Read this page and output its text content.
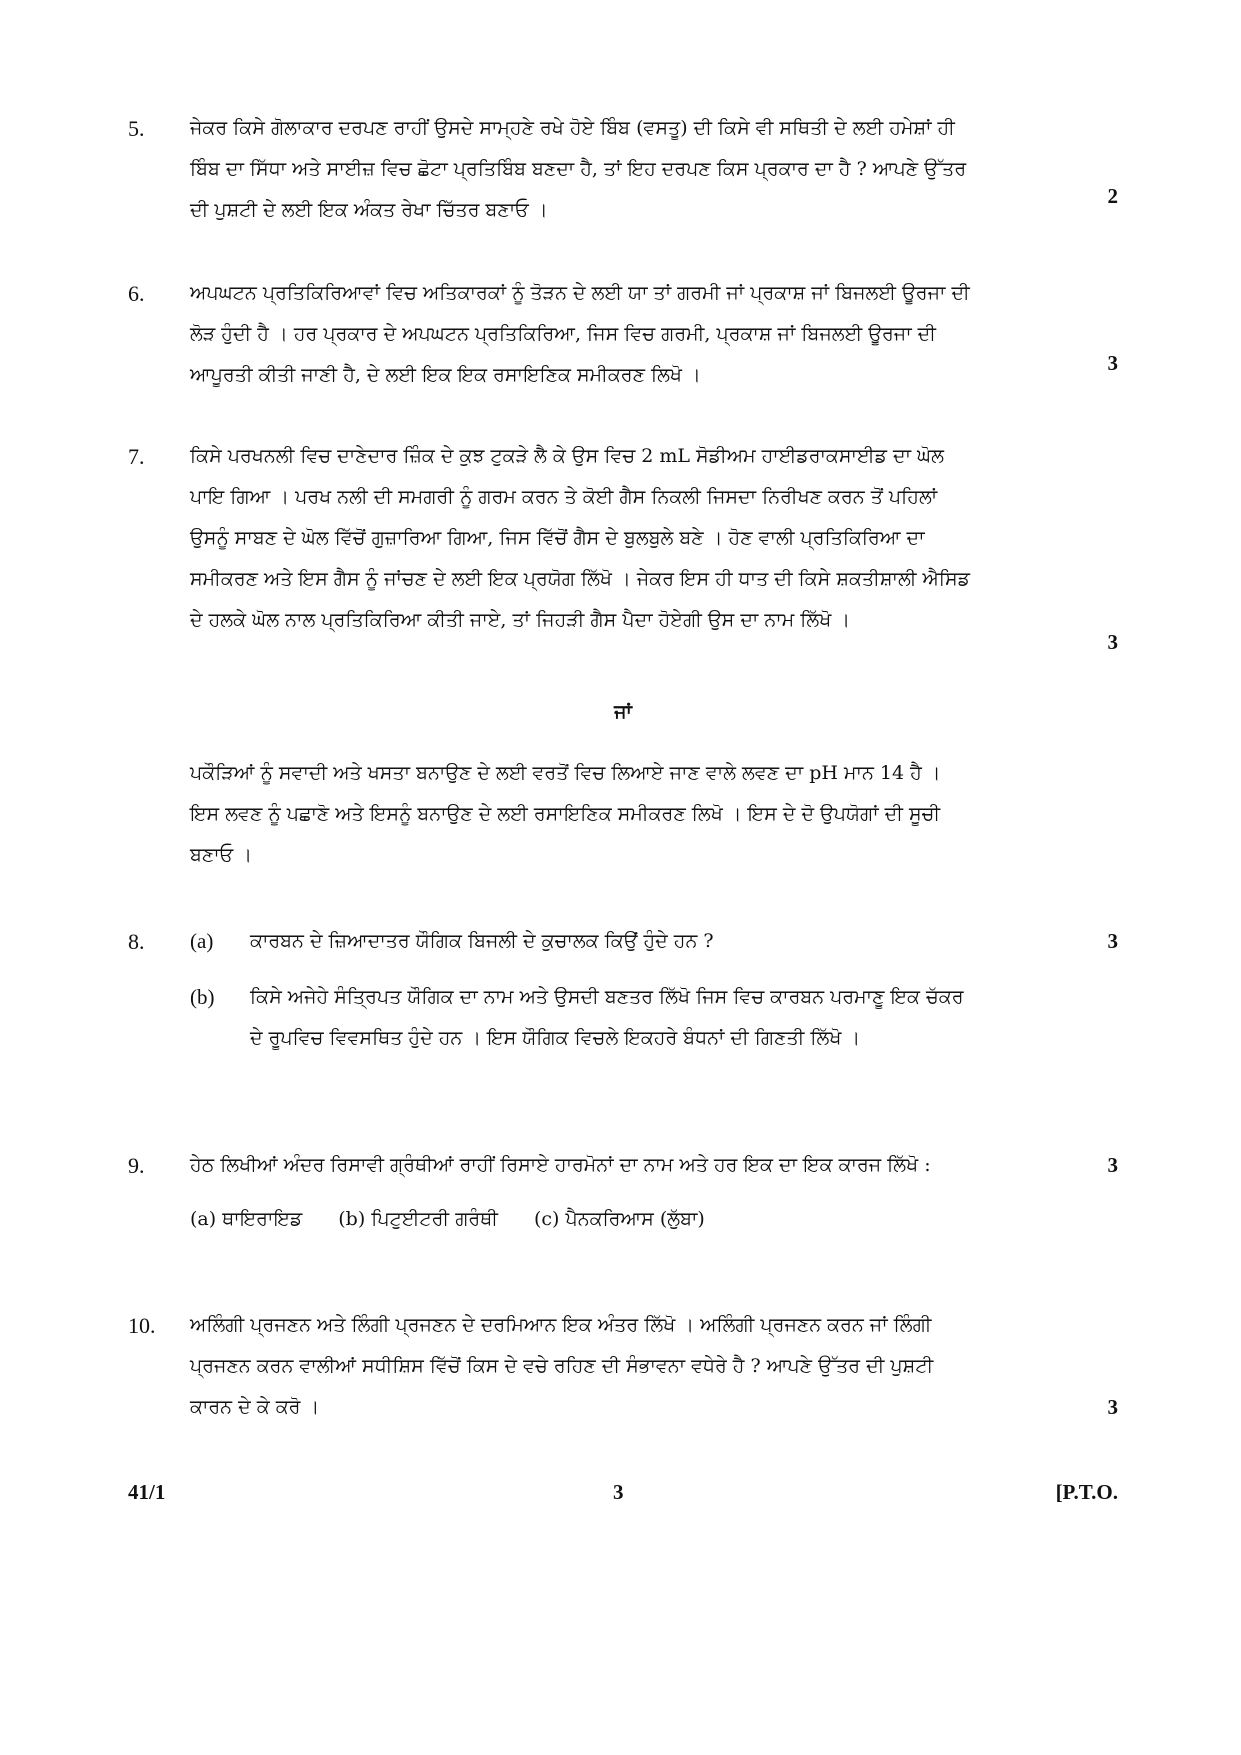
5. ਜੇਕਰ ਕਿਸੇ ਗੋਲਾਕਾਰ ਦਰਪਣ ਰਾਹੀਂ ਉਸਦੇ ਸਾਮ੍ਹਣੇ ਰਖੇ ਹੋਏ ਬਿੰਬ (ਵਸਤੂ) ਦੀ ਕਿਸੇ ਵੀ ਸਥਿਤੀ ਦੇ ਲਈ ਹਮੇਸ਼ਾਂ ਹੀ
ਬਿੰਬ ਦਾ ਸਿੱਧਾ ਅਤੇ ਸਾਈਜ਼ ਵਿਚ ਛੋਟਾ ਪ੍ਰਤਿਬਿੰਬ ਬਣਦਾ ਹੈ, ਤਾਂ ਇਹ ਦਰਪਣ ਕਿਸ ਪ੍ਰਕਾਰ ਦਾ ਹੈ ? ਆਪਣੇ ਉੱਤਰ
ਦੀ ਪੁਸ਼ਟੀ ਦੇ ਲਈ ਇਕ ਅੰਕਤ ਰੇਖਾ ਚਿੱਤਰ ਬਣਾਓ ।
2
6. ਅਪਘਟਨ ਪ੍ਰਤਿਕਿਰਿਆਵਾਂ ਵਿਚ ਅਤਿਕਾਰਕਾਂ ਨੂੰ ਤੋੜਨ ਦੇ ਲਈ ਯਾ ਤਾਂ ਗਰਮੀ ਜਾਂ ਪ੍ਰਕਾਸ਼ ਜਾਂ ਬਿਜਲਈ ਊਰਜਾ ਦੀ
ਲੋੜ ਹੁੰਦੀ ਹੈ । ਹਰ ਪ੍ਰਕਾਰ ਦੇ ਅਪਘਟਨ ਪ੍ਰਤਿਕਿਰਿਆ, ਜਿਸ ਵਿਚ ਗਰਮੀ, ਪ੍ਰਕਾਸ਼ ਜਾਂ ਬਿਜਲਈ ਊਰਜਾ ਦੀ
ਆਪੂਰਤੀ ਕੀਤੀ ਜਾਣੀ ਹੈ, ਦੇ ਲਈ ਇਕ ਇਕ ਰਸਾਇਣਿਕ ਸਮੀਕਰਣ ਲਿਖੋ ।	3
7. ਕਿਸੇ ਪਰਖਨਲੀ ਵਿਚ ਦਾਣੇਦਾਰ ਜ਼ਿੰਕ ਦੇ ਕੁਝ ਟੁਕੜੇ ਲੈ ਕੇ ਉਸ ਵਿਚ 2 mL ਸੋਡੀਅਮ ਹਾਈਡਰਾਕਸਾਈਡ ਦਾ ਘੋਲ
ਪਾਇ ਗਿਆ । ਪਰਖ ਨਲੀ ਦੀ ਸਮਗਰੀ ਨੂੰ ਗਰਮ ਕਰਨ ਤੇ ਕੋਈ ਗੈਸ ਨਿਕਲੀ ਜਿਸਦਾ ਨਿਰੀਖਣ ਕਰਨ ਤੋਂ ਪਹਿਲਾਂ
ਉਸਨੂੰ ਸਾਬਣ ਦੇ ਘੋਲ ਵਿੱਚੋਂ ਗੁਜ਼ਾਰਿਆ ਗਿਆ, ਜਿਸ ਵਿੱਚੋਂ ਗੈਸ ਦੇ ਬੁਲਬੁਲੇ ਬਣੇ । ਹੋਣ ਵਾਲੀ ਪ੍ਰਤਿਕਿਰਿਆ ਦਾ
ਸਮੀਕਰਣ ਅਤੇ ਇਸ ਗੈਸ ਨੂੰ ਜਾਂਚਣ ਦੇ ਲਈ ਇਕ ਪ੍ਰਯੋਗ ਲਿੱਖੋ । ਜੇਕਰ ਇਸ ਹੀ ਧਾਤ ਦੀ ਕਿਸੇ ਸ਼ਕਤੀਸ਼ਾਲੀ ਐਸਿਡ
ਦੇ ਹਲਕੇ ਘੋਲ ਨਾਲ ਪ੍ਰਤਿਕਿਰਿਆ ਕੀਤੀ ਜਾਏ, ਤਾਂ ਜਿਹੜੀ ਗੈਸ ਪੈਦਾ ਹੋਏਗੀ ਉਸ ਦਾ ਨਾਮ ਲਿੱਖੋ ।
3
ਜਾਂ
ਪਕੌੜਿਆਂ ਨੂੰ ਸਵਾਦੀ ਅਤੇ ਖਸਤਾ ਬਨਾਉਣ ਦੇ ਲਈ ਵਰਤੋਂ ਵਿਚ ਲਿਆਏ ਜਾਣ ਵਾਲੇ ਲਵਣ ਦਾ pH ਮਾਨ 14 ਹੈ ।
ਇਸ ਲਵਣ ਨੂੰ ਪਛਾਣੋ ਅਤੇ ਇਸਨੂੰ ਬਨਾਉਣ ਦੇ ਲਈ ਰਸਾਇਣਿਕ ਸਮੀਕਰਣ ਲਿਖੋ । ਇਸ ਦੇ ਦੋ ਉਪਯੋਗਾਂ ਦੀ ਸੂਚੀ
ਬਣਾਓ ।
8. (a) ਕਾਰਬਨ ਦੇ ਜ਼ਿਆਦਾਤਰ ਯੌਗਿਕ ਬਿਜਲੀ ਦੇ ਕੁਚਾਲਕ ਕਿਉਂ ਹੁੰਦੇ ਹਨ ?	3
(b) ਕਿਸੇ ਅਜੇਹੇ ਸੰਤ੍ਰਿਪਤ ਯੌਗਿਕ ਦਾ ਨਾਮ ਅਤੇ ਉਸਦੀ ਬਣਤਰ ਲਿੱਖੋ ਜਿਸ ਵਿਚ ਕਾਰਬਨ ਪਰਮਾਣੂ ਇਕ ਚੱਕਰ
ਦੇ ਰੂਪਵਿਚ ਵਿਵਸਥਿਤ ਹੁੰਦੇ ਹਨ । ਇਸ ਯੌਗਿਕ ਵਿਚਲੇ ਇਕਹਰੇ ਬੰਧਨਾਂ ਦੀ ਗਿਣਤੀ ਲਿੱਖੋ ।
9. ਹੇਠ ਲਿਖੀਆਂ ਅੰਦਰ ਰਿਸਾਵੀ ਗ੍ਰੰਥੀਆਂ ਰਾਹੀਂ ਰਿਸਾਏ ਹਾਰਮੋਨਾਂ ਦਾ ਨਾਮ ਅਤੇ ਹਰ ਇਕ ਦਾ ਇਕ ਕਾਰਜ ਲਿੱਖੋ :	3
(a) ਥਾਇਰਾਇਡ (b) ਪਿਟੁਈਟਰੀ ਗਰੰਥੀ (c) ਪੈਨਕਰਿਆਸ (ਲੁੱਬਾ)
10. ਅਲਿੰਗੀ ਪ੍ਰਜਣਨ ਅਤੇ ਲਿੰਗੀ ਪ੍ਰਜਣਨ ਦੇ ਦਰਮਿਆਨ ਇਕ ਅੰਤਰ ਲਿੱਖੋ । ਅਲਿੰਗੀ ਪ੍ਰਜਣਨ ਕਰਨ ਜਾਂ ਲਿੰਗੀ
ਪ੍ਰਜਣਨ ਕਰਨ ਵਾਲੀਆਂ ਸਧੀਸ਼ਿਸ ਵਿੱਚੋਂ ਕਿਸ ਦੇ ਵਚੇ ਰਹਿਣ ਦੀ ਸੰਭਾਵਨਾ ਵਧੇਰੇ ਹੈ ? ਆਪਣੇ ਉੱਤਰ ਦੀ ਪੁਸ਼ਟੀ
ਕਾਰਨ ਦੇ ਕੇ ਕਰੋ ।	3
41/1	3	[P.T.O.
